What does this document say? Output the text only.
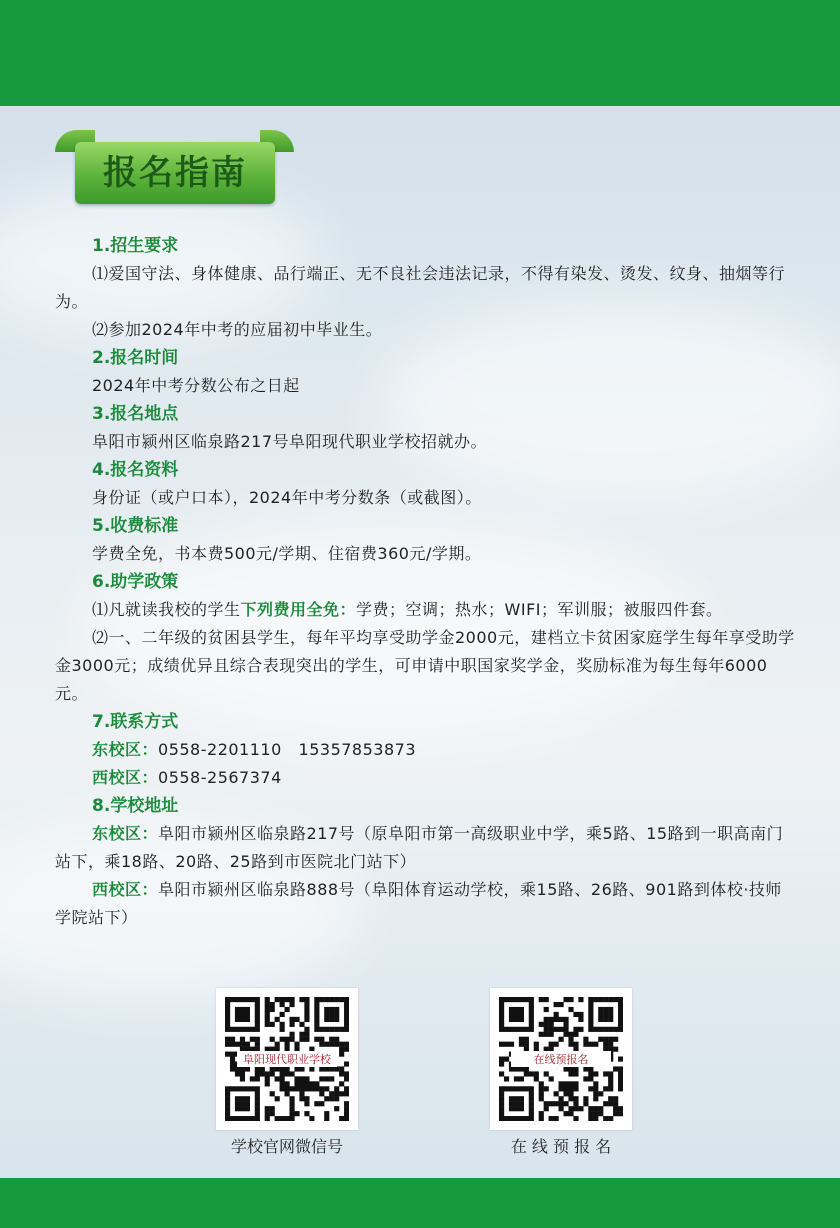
报名指南
1.招生要求
⑴爱国守法、身体健康、品行端正、无不良社会违法记录，不得有染发、烫发、纹身、抽烟等行为。
⑵参加2024年中考的应届初中毕业生。
2.报名时间
2024年中考分数公布之日起
3.报名地点
阜阳市颍州区临泉路217号阜阳现代职业学校招就办。
4.报名资料
身份证（或户口本），2024年中考分数条（或截图）。
5.收费标准
学费全免，书本费500元/学期、住宿费360元/学期。
6.助学政策
⑴凡就读我校的学生下列费用全免：学费；空调；热水；WIFI；军训服；被服四件套。
⑵一、二年级的贫困县学生，每年平均享受助学金2000元，建档立卡贫困家庭学生每年享受助学金3000元；成绩优异且综合表现突出的学生，可申请中职国家奖学金，奖励标准为每生每年6000元。
7.联系方式
东校区：0558-2201110   15357853873
西校区：0558-2567374
8.学校地址
东校区：阜阳市颍州区临泉路217号（原阜阳市第一高级职业中学，乘5路、15路到一职高南门站下，乘18路、20路、25路到市医院北门站下）
西校区：阜阳市颍州区临泉路888号（阜阳体育运动学校，乘15路、26路、901路到体校·技师学院站下）
阜阳现代职业学校
学校官网微信号
在线预报名
在 线 预 报 名
